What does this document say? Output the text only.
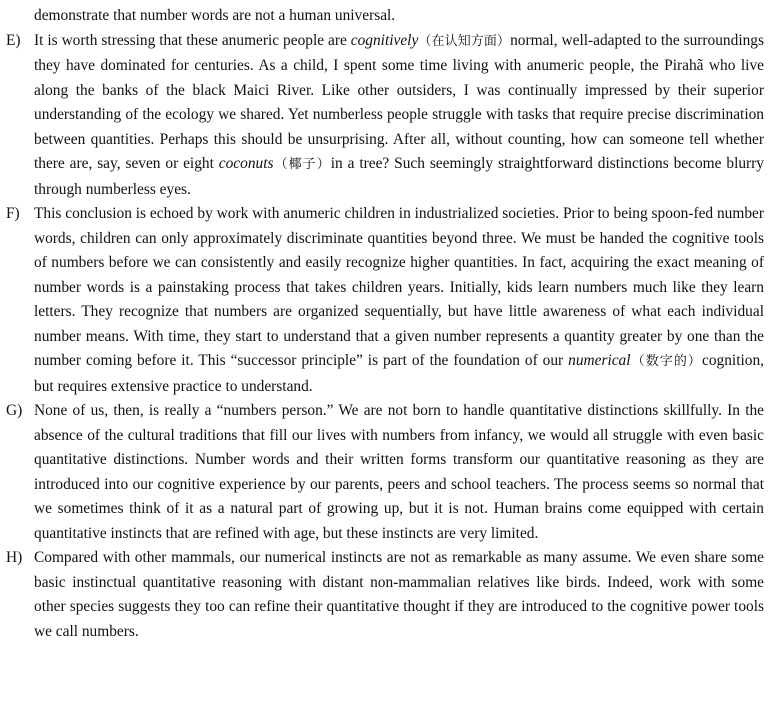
demonstrate that number words are not a human universal.
E) It is worth stressing that these anumeric people are cognitively（在认知方面）normal, well-adapted to the surroundings they have dominated for centuries. As a child, I spent some time living with anumeric people, the Pirahã who live along the banks of the black Maici River. Like other outsiders, I was continually impressed by their superior understanding of the ecology we shared. Yet numberless people struggle with tasks that require precise discrimination between quantities. Perhaps this should be unsurprising. After all, without counting, how can someone tell whether there are, say, seven or eight coconuts（椰子）in a tree? Such seemingly straightforward distinctions become blurry through numberless eyes.
F) This conclusion is echoed by work with anumeric children in industrialized societies. Prior to being spoon-fed number words, children can only approximately discriminate quantities beyond three. We must be handed the cognitive tools of numbers before we can consistently and easily recognize higher quantities. In fact, acquiring the exact meaning of number words is a painstaking process that takes children years. Initially, kids learn numbers much like they learn letters. They recognize that numbers are organized sequentially, but have little awareness of what each individual number means. With time, they start to understand that a given number represents a quantity greater by one than the number coming before it. This “successor principle” is part of the foundation of our numerical（数字的）cognition, but requires extensive practice to understand.
G) None of us, then, is really a “numbers person.” We are not born to handle quantitative distinctions skillfully. In the absence of the cultural traditions that fill our lives with numbers from infancy, we would all struggle with even basic quantitative distinctions. Number words and their written forms transform our quantitative reasoning as they are introduced into our cognitive experience by our parents, peers and school teachers. The process seems so normal that we sometimes think of it as a natural part of growing up, but it is not. Human brains come equipped with certain quantitative instincts that are refined with age, but these instincts are very limited.
H) Compared with other mammals, our numerical instincts are not as remarkable as many assume. We even share some basic instinctual quantitative reasoning with distant non-mammalian relatives like birds. Indeed, work with some other species suggests they too can refine their quantitative thought if they are introduced to the cognitive power tools we call numbers.
